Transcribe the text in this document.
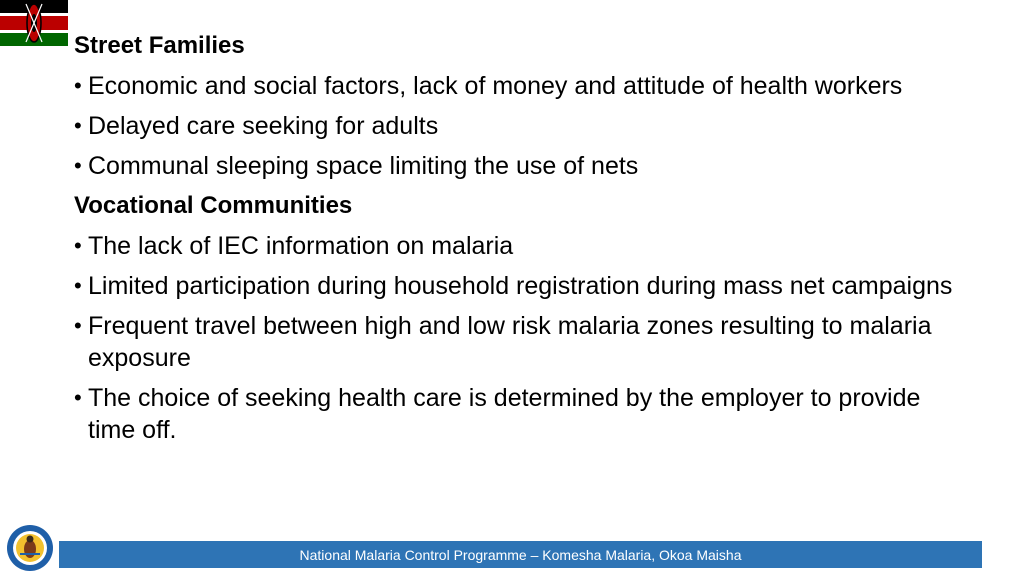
Street Families
• Economic and social factors, lack of money and attitude of health workers
• Delayed care seeking for adults
• Communal sleeping space limiting the use of nets
Vocational Communities
• The lack of IEC information on malaria
• Limited participation during household registration during mass net campaigns
• Frequent travel between high and low risk malaria zones resulting to malaria exposure
• The choice of seeking health care is determined by the employer to provide time off.
National Malaria Control Programme – Komesha Malaria, Okoa Maisha
